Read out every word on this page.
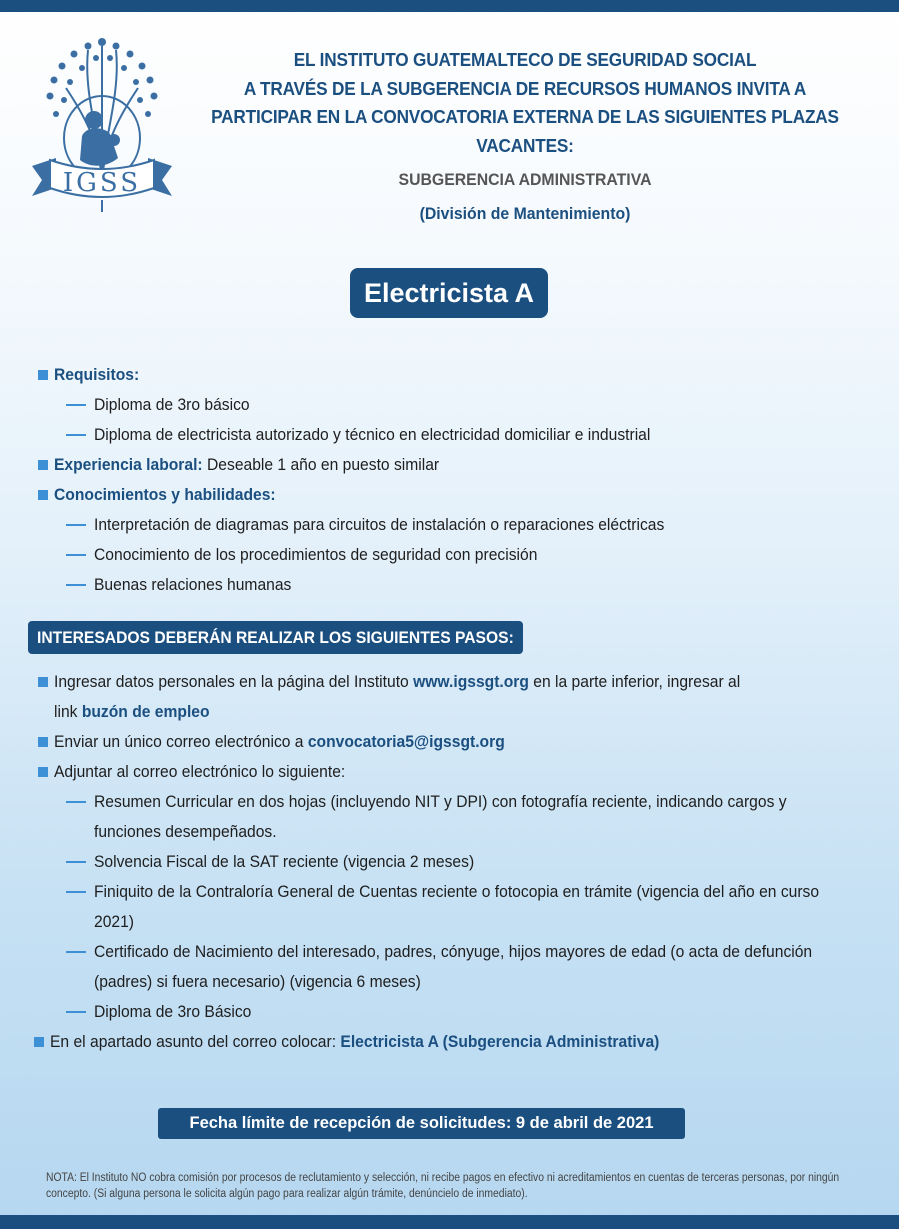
IGSS
EL INSTITUTO GUATEMALTECO DE SEGURIDAD SOCIAL
A TRAVÉS DE LA SUBGERENCIA DE RECURSOS HUMANOS INVITA A
PARTICIPAR EN LA CONVOCATORIA EXTERNA DE LAS SIGUIENTES PLAZAS VACANTES:
SUBGERENCIA ADMINISTRATIVA
(División de Mantenimiento)
Electricista A
Requisitos:
Diploma de 3ro básico
Diploma de electricista autorizado y técnico en electricidad domiciliar e industrial
Experiencia laboral: Deseable 1 año en puesto similar
Conocimientos y habilidades:
Interpretación de diagramas para circuitos de instalación o reparaciones eléctricas
Conocimiento de los procedimientos de seguridad con precisión
Buenas relaciones humanas
INTERESADOS DEBERÁN REALIZAR LOS SIGUIENTES PASOS:
Ingresar datos personales en la página del Instituto www.igssgt.org en la parte inferior, ingresar al
link buzón de empleo
Enviar un único correo electrónico a convocatoria5@igssgt.org
Adjuntar al correo electrónico lo siguiente:
Resumen Curricular en dos hojas (incluyendo NIT y DPI) con fotografía reciente, indicando cargos y funciones desempeñados.
Solvencia Fiscal de la SAT reciente (vigencia 2 meses)
Finiquito de la Contraloría General de Cuentas reciente o fotocopia en trámite (vigencia del año en curso 2021)
Certificado de Nacimiento del interesado, padres, cónyuge, hijos mayores de edad (o acta de defunción (padres) si fuera necesario) (vigencia 6 meses)
Diploma de 3ro Básico
En el apartado asunto del correo colocar: Electricista A (Subgerencia Administrativa)
Fecha límite de recepción de solicitudes: 9 de abril de 2021
NOTA: El Instituto NO cobra comisión por procesos de reclutamiento y selección, ni recibe pagos en efectivo ni acreditamientos en cuentas de terceras personas, por ningún concepto. (Si alguna persona le solicita algún pago para realizar algún trámite, denúncielo de inmediato).
